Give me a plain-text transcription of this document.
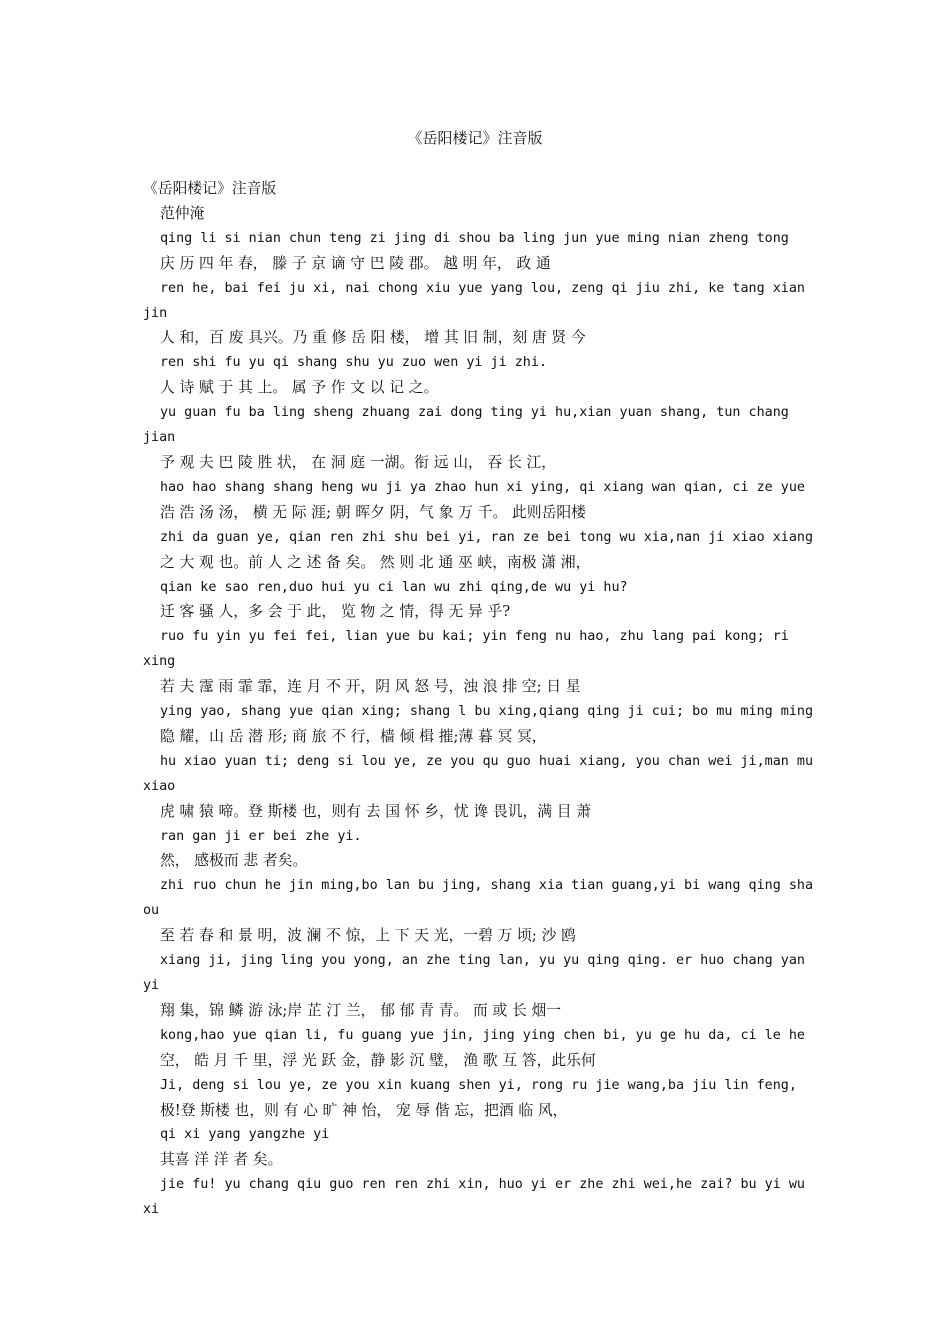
《岳阳楼记》注音版
《岳阳楼记》注音版
范仲淹
qing li si nian chun teng zi jing di shou ba ling jun yue ming nian zheng tong
庆 历 四 年 春， 滕 子 京 谪 守 巴 陵 郡。 越 明 年， 政 通
ren he, bai fei ju xi, nai chong xiu yue yang lou, zeng qi jiu zhi, ke tang xian jin
人 和，百 废 具兴。乃 重 修 岳 阳 楼， 增 其 旧 制，刻 唐 贤 今
ren shi fu yu qi shang shu yu zuo wen yi ji zhi.
人 诗 赋 于 其 上。 属 予 作 文 以 记 之。
yu guan fu ba ling sheng zhuang zai dong ting yi hu,xian yuan shang, tun chang jian
予 观 夫 巴 陵 胜 状， 在 洞 庭 一湖。衔 远 山， 吞 长 江，
hao hao shang shang heng wu ji ya zhao hun xi ying, qi xiang wan qian, ci ze yue
浩 浩 汤 汤， 横 无 际 涯; 朝 晖夕 阴，气 象 万 千。 此则岳阳楼
zhi da guan ye, qian ren zhi shu bei yi, ran ze bei tong wu xia,nan ji xiao xiang
之 大 观 也。前 人 之 述 备 矣。 然 则 北 通 巫 峡，南极 潇 湘，
qian ke sao ren,duo hui yu ci lan wu zhi qing,de wu yi hu?
迁 客 骚 人，多 会 于 此， 览 物 之 情，得 无 异 乎?
ruo fu yin yu fei fei, lian yue bu kai; yin feng nu hao, zhu lang pai kong; ri xing
若 夫 霪 雨 霏 霏，连 月 不 开，阴 风 怒 号，浊 浪 排 空; 日 星
ying yao, shang yue qian xing; shang l bu xing,qiang qing ji cui; bo mu ming ming
隐 耀，山 岳 潜 形; 商 旅 不 行，樯 倾 楫 摧;薄 暮 冥 冥，
hu xiao yuan ti; deng si lou ye, ze you qu guo huai xiang, you chan wei ji,man mu xiao
虎 啸 猿 啼。登 斯楼 也，则有 去 国 怀 乡，忧 谗 畏讥，满 目 萧
ran gan ji er bei zhe yi.
然， 感极而 悲 者矣。
zhi ruo chun he jin ming,bo lan bu jing, shang xia tian guang,yi bi wang qing sha ou
至 若 春 和 景 明，波 澜 不 惊，上 下 天 光，一碧 万 顷; 沙 鸥
xiang ji, jing ling you yong, an zhe ting lan, yu yu qing qing. er huo chang yan yi
翔 集，锦 鳞 游 泳;岸 芷 汀 兰， 郁 郁 青 青。 而 或 长 烟一
kong,hao yue qian li, fu guang yue jin, jing ying chen bi, yu ge hu da, ci le he
空， 皓 月 千 里，浮 光 跃 金，静 影 沉 璧， 渔 歌 互 答，此乐何
Ji, deng si lou ye, ze you xin kuang shen yi, rong ru jie wang,ba jiu lin feng,
极!登 斯楼 也，则 有 心 旷 神 怡， 宠 辱 偕 忘，把酒 临 风，
qi xi yang yangzhe yi
其喜 洋 洋 者 矣。
jie fu! yu chang qiu guo ren ren zhi xin, huo yi er zhe zhi wei,he zai? bu yi wu xi
